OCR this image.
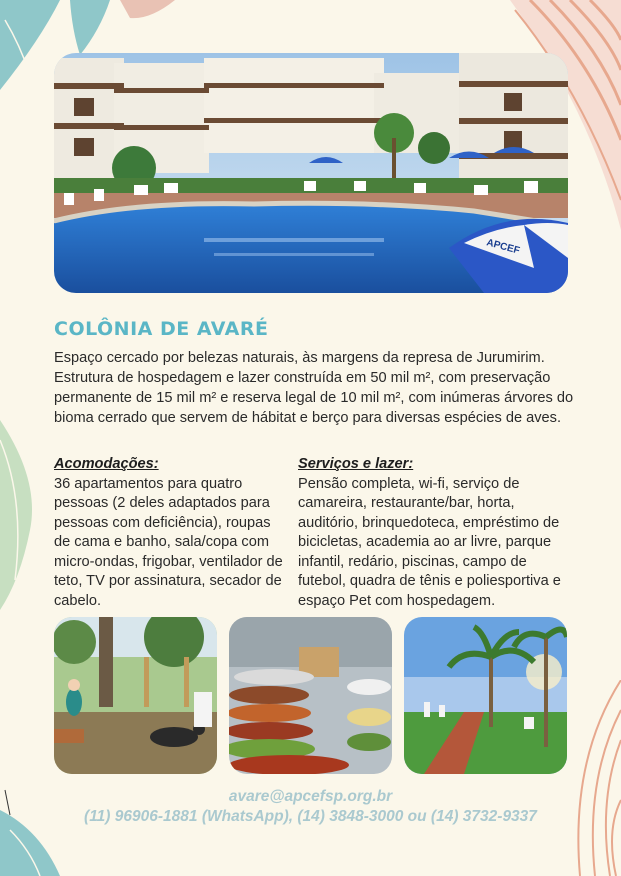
APCEF
COLÔNIA DE AVARÉ
Espaço cercado por belezas naturais, às margens da represa de Jurumirim. Estrutura de hospedagem e lazer construída em 50 mil m², com preservação permanente de 15 mil m² e reserva legal de 10 mil m², com inúmeras árvores do bioma cerrado que servem de hábitat e berço para diversas espécies de aves.
Acomodações:

36 apartamentos para quatro pessoas (2 deles adaptados para pessoas com deficiência), roupas de cama e banho, sala/copa com micro-ondas, frigobar, ventilador de teto, TV por assinatura, secador de cabelo.

Serviços e lazer:

Pensão completa, wi-fi, serviço de camareira, restaurante/bar, horta, auditório, brinquedoteca, empréstimo de bicicletas, academia ao ar livre, parque infantil, redário, piscinas, campo de futebol, quadra de tênis e poliesportiva e espaço Pet com hospedagem.

avare@apcefsp.org.br
(11) 96906-1881 (WhatsApp), (14) 3848-3000 ou (14) 3732-9337
